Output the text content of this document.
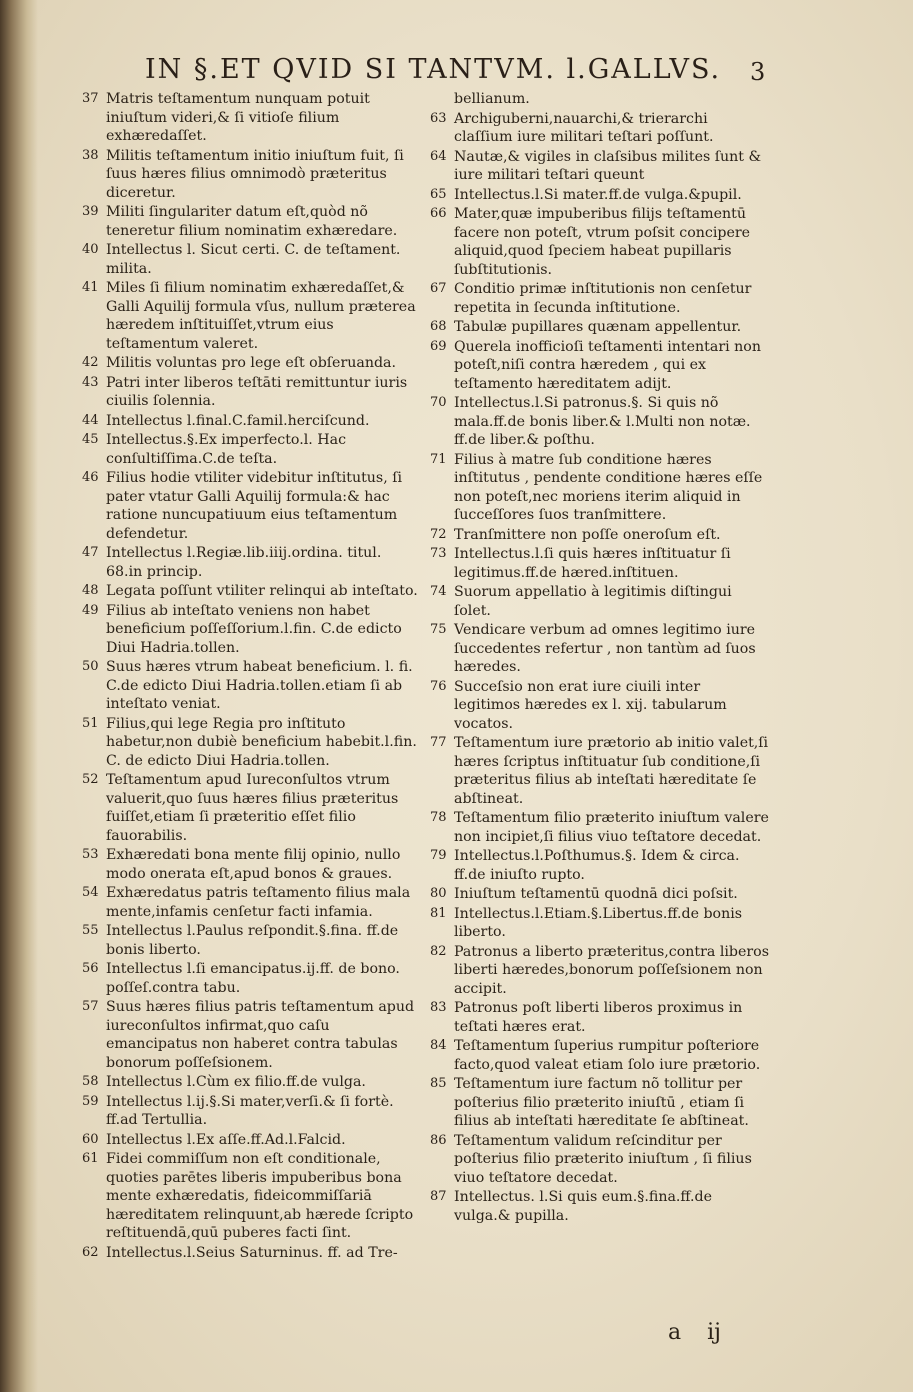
IN §.ET QVID SI TANTVM. l.GALLVS. 3
37 Matris teſtamentum nunquam potuit iniuſtum videri,& ſi vitioſe filium exhæredaſſet.
38 Militis teſtamentum initio iniuſtum fuit, ſi ſuus hæres filius omnimodò præteritus diceretur.
39 Militi ſingulariter datum eſt,quòd nõ teneretur filium nominatim exhæredare.
40 Intellectus l. Sicut certi. C. de teſtament. milita.
41 Miles ſi filium nominatim exhæredaſſet,& Galli Aquilij formula vſus, nullum præterea hæredem inſtituiſſet,vtrum eius teſtamentum valeret.
42 Militis voluntas pro lege eſt obſeruanda.
43 Patri inter liberos teſtāti remittuntur iuris ciuilis ſolennia.
44 Intellectus l.final.C.famil.herciſcund.
45 Intellectus.§.Ex imperfecto.l. Hac conſultiſſima.C.de teſta.
46 Filius hodie vtiliter videbitur inſtitutus, ſi pater vtatur Galli Aquilij formula:& hac ratione nuncupatiuum eius teſtamentum defendetur.
47 Intellectus l.Regiæ.lib.iiij.ordina. titul. 68.in princip.
48 Legata poſſunt vtiliter relinqui ab inteſtato.
49 Filius ab inteſtato veniens non habet beneficium poſſeſſorium.l.fin. C.de edicto Diui Hadria.tollen.
50 Suus hæres vtrum habeat beneficium. l. fi. C.de edicto Diui Hadria.tollen.etiam ſi ab inteſtato veniat.
51 Filius,qui lege Regia pro inſtituto habetur,non dubiè beneficium habebit.l.fin. C. de edicto Diui Hadria.tollen.
52 Teſtamentum apud Iureconſultos vtrum valuerit,quo ſuus hæres filius præteritus fuiſſet,etiam ſi præteritio eſſet filio fauorabilis.
53 Exhæredati bona mente filij opinio, nullo modo onerata eſt,apud bonos & graues.
54 Exhæredatus patris teſtamento filius mala mente,infamis cenſetur facti infamia.
55 Intellectus l.Paulus reſpondit.§.fina. ff.de bonis liberto.
56 Intellectus l.ſi emancipatus.ij.ff. de bono. poſſeſ.contra tabu.
57 Suus hæres filius patris teſtamentum apud iureconſultos infirmat,quo caſu emancipatus non haberet contra tabulas bonorum poſſeſsionem.
58 Intellectus l.Cùm ex filio.ff.de vulga.
59 Intellectus l.ij.§.Si mater,verſi.& ſi fortè. ff.ad Tertullia.
60 Intellectus l.Ex aſſe.ff.Ad.l.Falcid.
61 Fidei commiſſum non eſt conditionale, quoties parētes liberis impuberibus bona mente exhæredatis, fideicommiſſariā hæreditatem relinquunt,ab hærede ſcripto reſtituendā,quū puberes facti ſint.
62 Intellectus.l.Seius Saturninus. ff. ad Tre-
bellianum.
63 Archiguberni,nauarchi,& trierarchi claſſium iure militari teſtari poſſunt.
64 Nautæ,& vigiles in claſsibus milites ſunt & iure militari teſtari queunt
65 Intellectus.l.Si mater.ff.de vulga.&pupil.
66 Mater,quæ impuberibus filijs teſtamentū facere non poteſt, vtrum poſsit concipere aliquid,quod ſpeciem habeat pupillaris ſubſtitutionis.
67 Conditio primæ inſtitutionis non cenſetur repetita in ſecunda inſtitutione.
68 Tabulæ pupillares quænam appellentur.
69 Querela inofficioſi teſtamenti intentari non poteſt,niſi contra hæredem , qui ex teſtamento hæreditatem adijt.
70 Intellectus.l.Si patronus.§. Si quis nõ mala.ff.de bonis liber.& l.Multi non notæ. ff.de liber.& poſthu.
71 Filius à matre ſub conditione hæres inſtitutus , pendente conditione hæres eſſe non poteſt,nec moriens iterim aliquid in ſucceſſores ſuos tranſmittere.
72 Tranſmittere non poſſe oneroſum eſt.
73 Intellectus.l.ſi quis hæres inſtituatur ſi legitimus.ff.de hæred.inſtituen.
74 Suorum appellatio à legitimis diſtingui ſolet.
75 Vendicare verbum ad omnes legitimo iure ſuccedentes refertur , non tantùm ad ſuos hæredes.
76 Succeſsio non erat iure ciuili inter legitimos hæredes ex l. xij. tabularum vocatos.
77 Teſtamentum iure prætorio ab initio valet,ſi hæres ſcriptus inſtituatur ſub conditione,ſi præteritus filius ab inteſtati hæreditate ſe abſtineat.
78 Teſtamentum filio præterito iniuſtum valere non incipiet,ſi filius viuo teſtatore decedat.
79 Intellectus.l.Poſthumus.§. Idem & circa. ff.de iniuſto rupto.
80 Iniuſtum teſtamentū quodnā dici poſsit.
81 Intellectus.l.Etiam.§.Libertus.ff.de bonis liberto.
82 Patronus a liberto præteritus,contra liberos liberti hæredes,bonorum poſſeſsionem non accipit.
83 Patronus poſt liberti liberos proximus in teſtati hæres erat.
84 Teſtamentum ſuperius rumpitur poſteriore facto,quod valeat etiam ſolo iure prætorio.
85 Teſtamentum iure factum nõ tollitur per poſterius filio præterito iniuſtū , etiam ſi filius ab inteſtati hæreditate ſe abſtineat.
86 Teſtamentum validum reſcinditur per poſterius filio præterito iniuſtum , ſi filius viuo teſtatore decedat.
87 Intellectus. l.Si quis eum.§.fina.ff.de vulga.& pupilla.
a ij
